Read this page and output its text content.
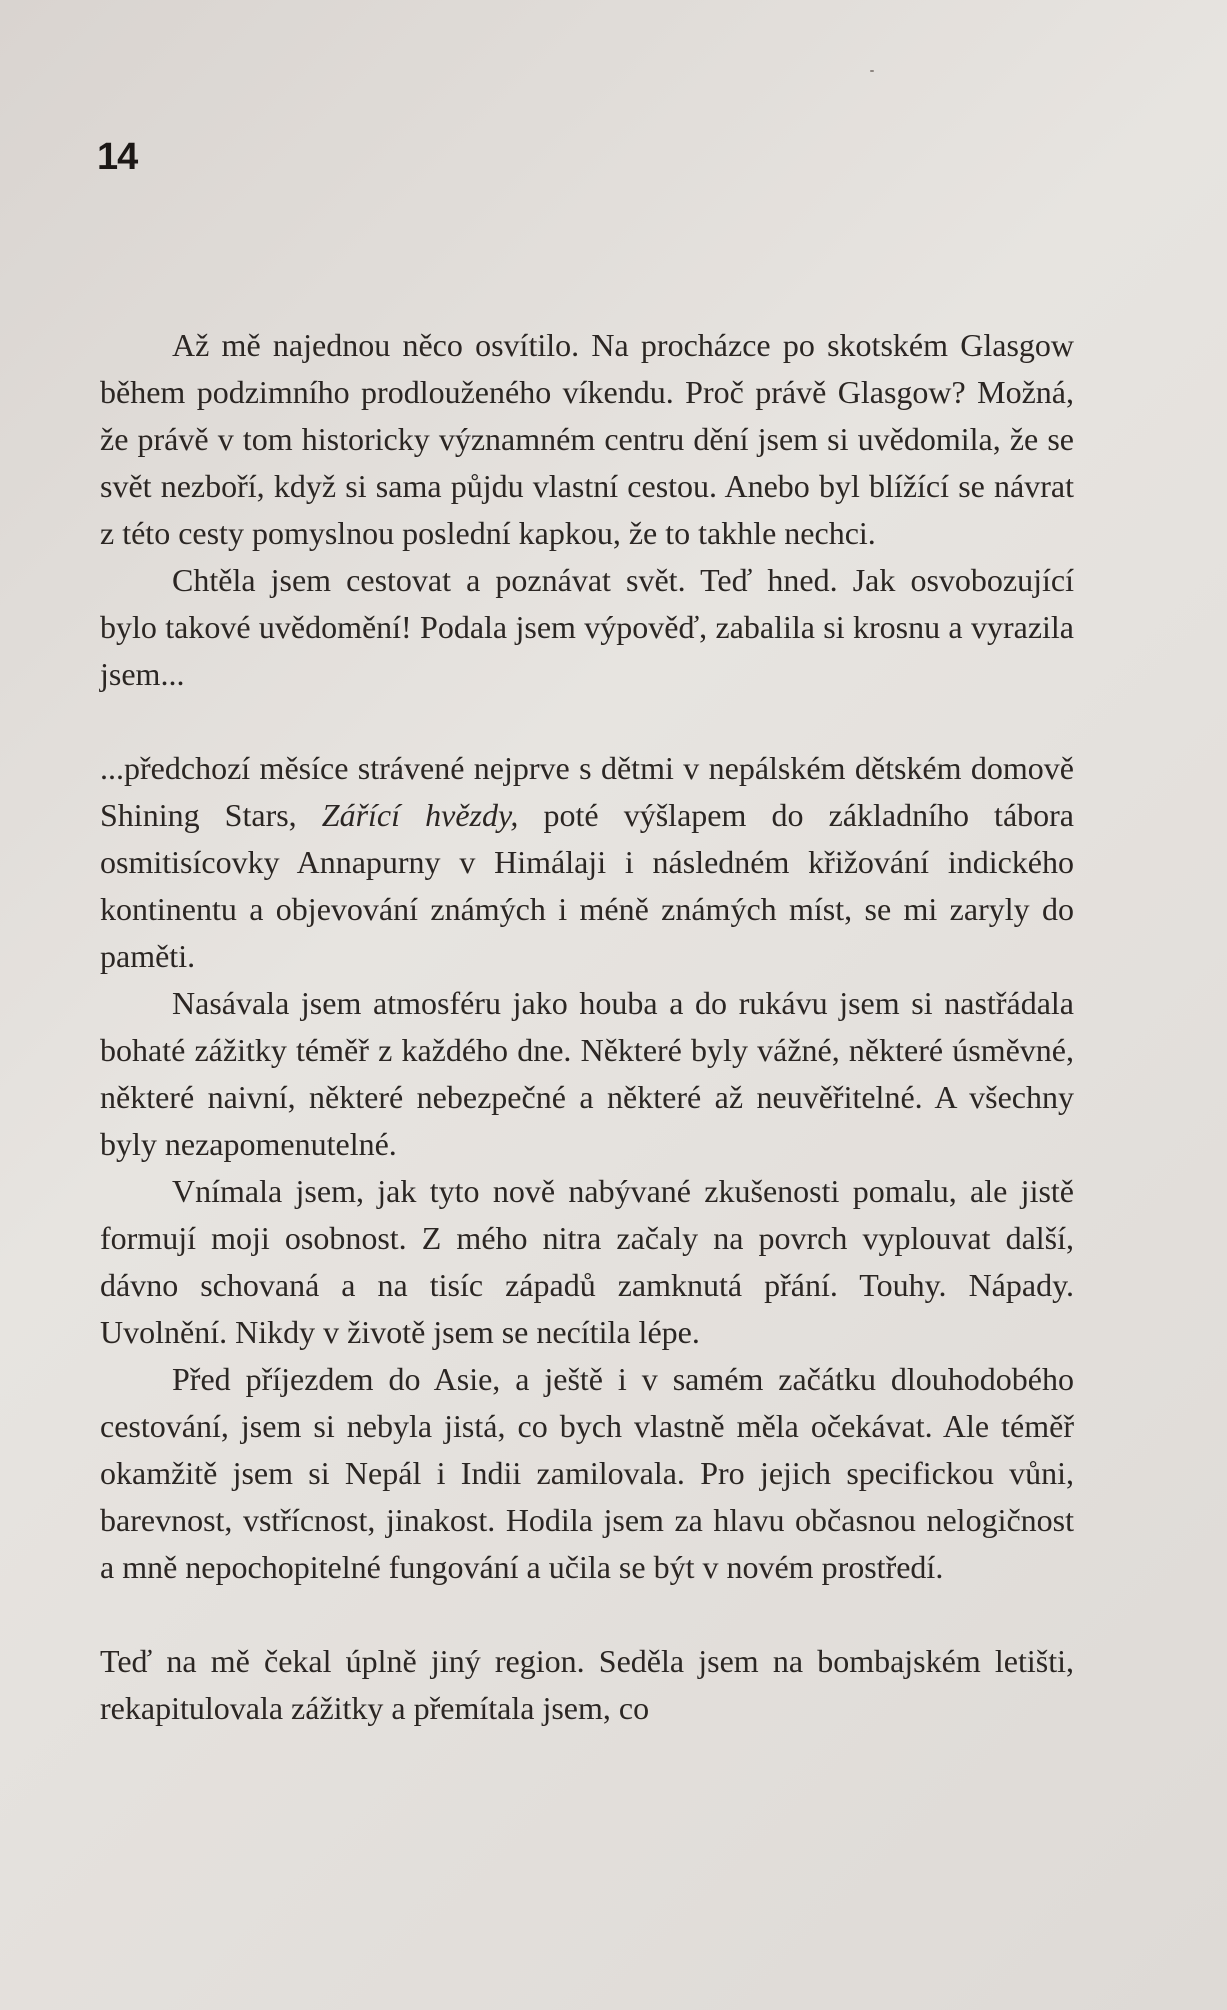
14

Až mě najednou něco osvítilo. Na procházce po skotském Glasgow během podzimního prodlouženého víkendu. Proč právě Glasgow? Možná, že právě v tom historicky významném centru dění jsem si uvědomila, že se svět nezboří, když si sama půjdu vlastní cestou. Anebo byl blížící se návrat z této cesty pomyslnou poslední kapkou, že to takhle nechci.

Chtěla jsem cestovat a poznávat svět. Teď hned. Jak osvobozující bylo takové uvědomění! Podala jsem výpověď, zabalila si krosnu a vyrazila jsem...

...předchozí měsíce strávené nejprve s dětmi v nepálském dětském domově Shining Stars, Zářící hvězdy, poté výšlapem do základního tábora osmitisícovky Annapurny v Himálaji i následném křižování indického kontinentu a objevování známých i méně známých míst, se mi zaryly do paměti.

Nasávala jsem atmosféru jako houba a do rukávu jsem si nastřádala bohaté zážitky téměř z každého dne. Některé byly vážné, některé úsměvné, některé naivní, některé nebezpečné a některé až neuvěřitelné. A všechny byly nezapomenutelné.

Vnímala jsem, jak tyto nově nabývané zkušenosti pomalu, ale jistě formují moji osobnost. Z mého nitra začaly na povrch vyplouvat další, dávno schovaná a na tisíc západů zamknutá přání. Touhy. Nápady. Uvolnění. Nikdy v životě jsem se necítila lépe.

Před příjezdem do Asie, a ještě i v samém začátku dlouhodobého cestování, jsem si nebyla jistá, co bych vlastně měla očekávat. Ale téměř okamžitě jsem si Nepál i Indii zamilovala. Pro jejich specifickou vůni, barevnost, vstřícnost, jinakost. Hodila jsem za hlavu občasnou nelogičnost a mně nepochopitelné fungování a učila se být v novém prostředí.

Teď na mě čekal úplně jiný region. Seděla jsem na bombajském letišti, rekapitulovala zážitky a přemítala jsem, co
